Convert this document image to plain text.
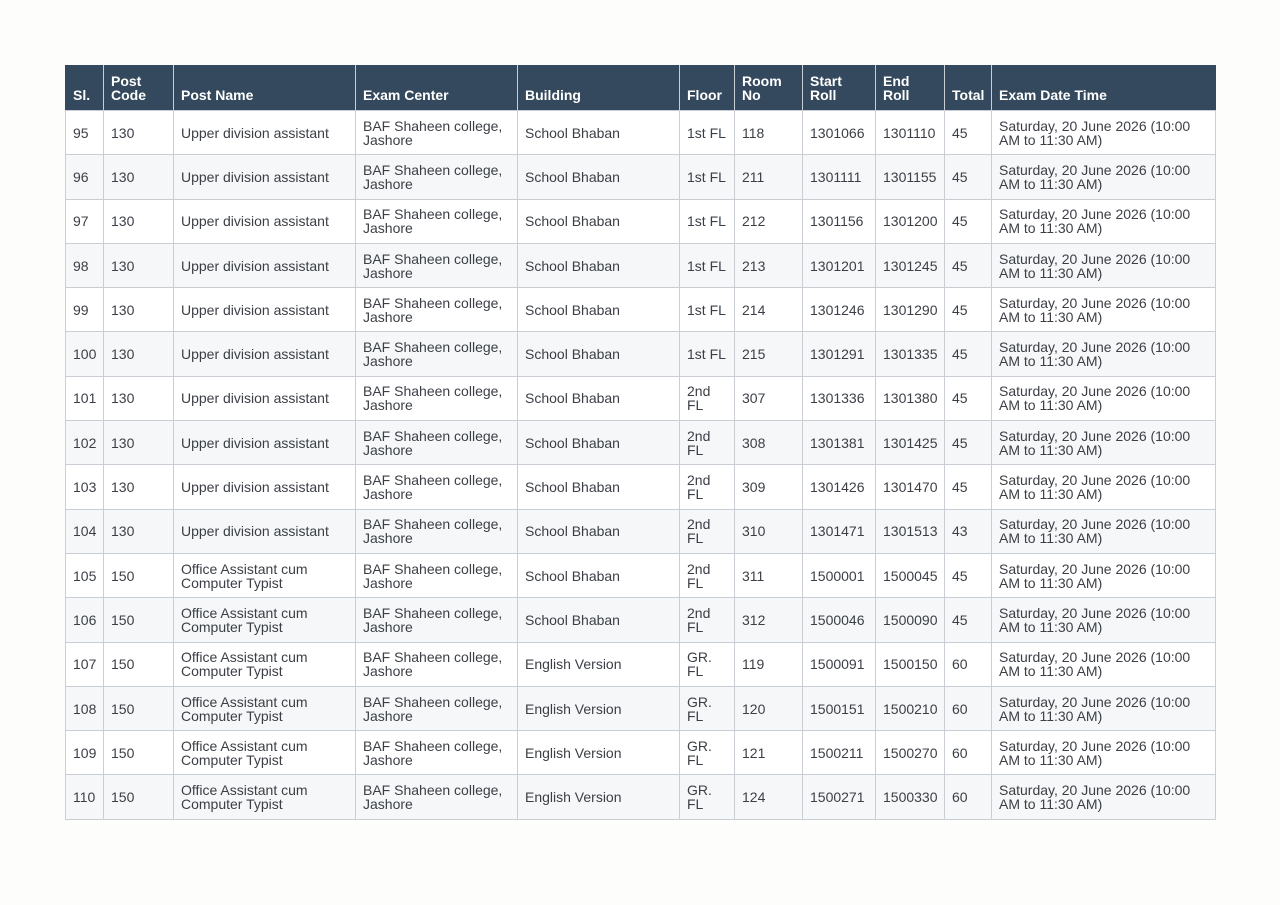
Sl.	Post Code	Post Name	Exam Center	Building	Floor	Room No	Start Roll	End Roll	Total	Exam Date Time
95	130	Upper division assistant	BAF Shaheen college, Jashore	School Bhaban	1st FL	118	1301066	1301110	45	Saturday, 20 June 2026 (10:00 AM to 11:30 AM)
96	130	Upper division assistant	BAF Shaheen college, Jashore	School Bhaban	1st FL	211	1301111	1301155	45	Saturday, 20 June 2026 (10:00 AM to 11:30 AM)
97	130	Upper division assistant	BAF Shaheen college, Jashore	School Bhaban	1st FL	212	1301156	1301200	45	Saturday, 20 June 2026 (10:00 AM to 11:30 AM)
98	130	Upper division assistant	BAF Shaheen college, Jashore	School Bhaban	1st FL	213	1301201	1301245	45	Saturday, 20 June 2026 (10:00 AM to 11:30 AM)
99	130	Upper division assistant	BAF Shaheen college, Jashore	School Bhaban	1st FL	214	1301246	1301290	45	Saturday, 20 June 2026 (10:00 AM to 11:30 AM)
100	130	Upper division assistant	BAF Shaheen college, Jashore	School Bhaban	1st FL	215	1301291	1301335	45	Saturday, 20 June 2026 (10:00 AM to 11:30 AM)
101	130	Upper division assistant	BAF Shaheen college, Jashore	School Bhaban	2nd FL	307	1301336	1301380	45	Saturday, 20 June 2026 (10:00 AM to 11:30 AM)
102	130	Upper division assistant	BAF Shaheen college, Jashore	School Bhaban	2nd FL	308	1301381	1301425	45	Saturday, 20 June 2026 (10:00 AM to 11:30 AM)
103	130	Upper division assistant	BAF Shaheen college, Jashore	School Bhaban	2nd FL	309	1301426	1301470	45	Saturday, 20 June 2026 (10:00 AM to 11:30 AM)
104	130	Upper division assistant	BAF Shaheen college, Jashore	School Bhaban	2nd FL	310	1301471	1301513	43	Saturday, 20 June 2026 (10:00 AM to 11:30 AM)
105	150	Office Assistant cum Computer Typist	BAF Shaheen college, Jashore	School Bhaban	2nd FL	311	1500001	1500045	45	Saturday, 20 June 2026 (10:00 AM to 11:30 AM)
106	150	Office Assistant cum Computer Typist	BAF Shaheen college, Jashore	School Bhaban	2nd FL	312	1500046	1500090	45	Saturday, 20 June 2026 (10:00 AM to 11:30 AM)
107	150	Office Assistant cum Computer Typist	BAF Shaheen college, Jashore	English Version	GR. FL	119	1500091	1500150	60	Saturday, 20 June 2026 (10:00 AM to 11:30 AM)
108	150	Office Assistant cum Computer Typist	BAF Shaheen college, Jashore	English Version	GR. FL	120	1500151	1500210	60	Saturday, 20 June 2026 (10:00 AM to 11:30 AM)
109	150	Office Assistant cum Computer Typist	BAF Shaheen college, Jashore	English Version	GR. FL	121	1500211	1500270	60	Saturday, 20 June 2026 (10:00 AM to 11:30 AM)
110	150	Office Assistant cum Computer Typist	BAF Shaheen college, Jashore	English Version	GR. FL	124	1500271	1500330	60	Saturday, 20 June 2026 (10:00 AM to 11:30 AM)
